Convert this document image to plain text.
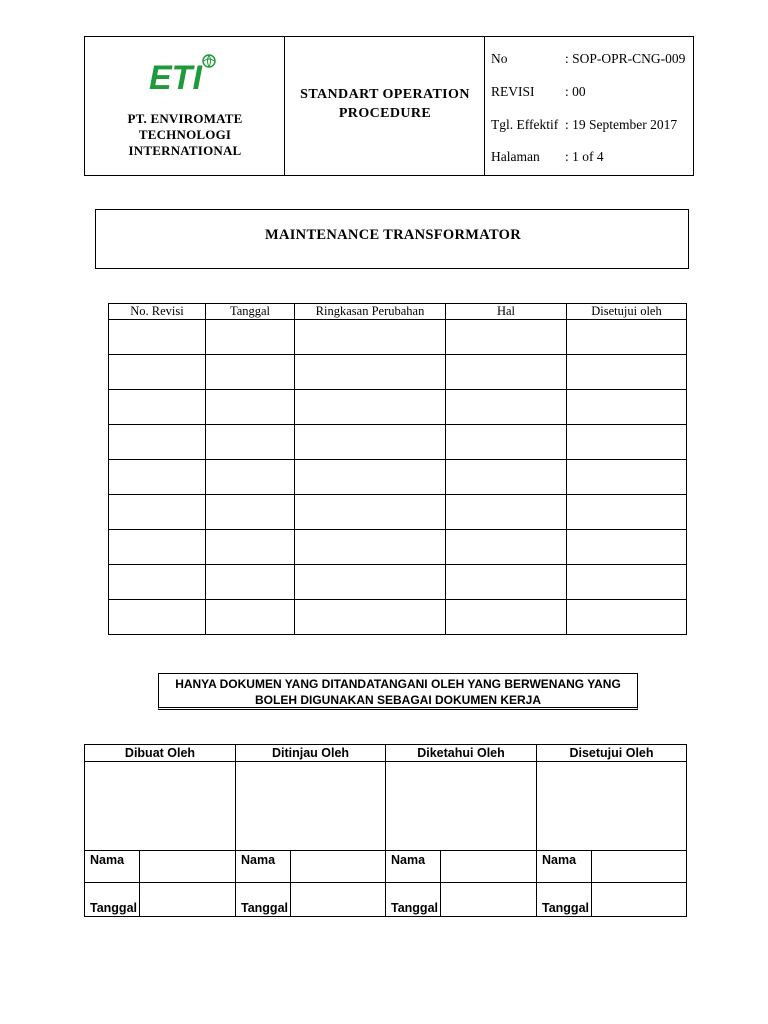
ETI
PT. ENVIROMATE
TECHNOLOGI
INTERNATIONAL
STANDART OPERATION
PROCEDURE
No	: SOP-OPR-CNG-009
REVISI : 00
Tgl. Effektif : 19 September 2017
Halaman : 1 of 4
MAINTENANCE TRANSFORMATOR
No. Revisi	Tanggal	Ringkasan Perubahan	Hal	Disetujui oleh

HANYA DOKUMEN YANG DITANDATANGANI OLEH YANG BERWENANG YANG
BOLEH DIGUNAKAN SEBAGAI DOKUMEN KERJA
Dibuat Oleh		Ditinjau Oleh		Diketahui Oleh		Disetujui Oleh	

Nama		Nama		Nama		Nama	
Tanggal		Tanggal		Tanggal		Tanggal	
